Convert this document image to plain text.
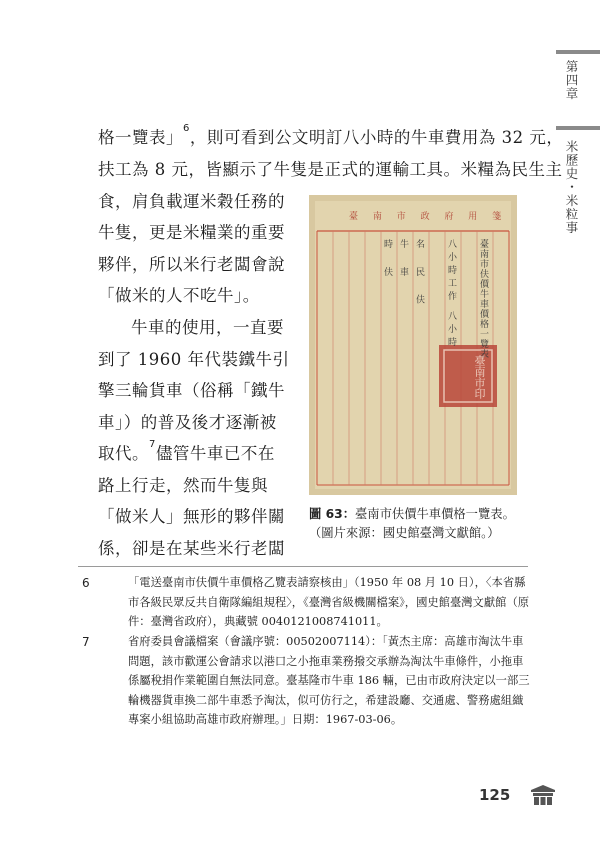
第四章
米歷史・米粒事
格一覽表」$^6$，則可看到公文明訂八小時的牛車費用為 32 元，
扶工為 8 元，皆顯示了牛隻是正式的運輸工具。米糧為民生主
食，肩負載運米穀任務的
牛隻，更是米糧業的重要
夥伴，所以米行老闆會說
「做米的人不吃牛」。
牛車的使用，一直要
到了 1960 年代裝鐵牛引
擎三輪貨車（俗稱「鐵牛
車」）的普及後才逐漸被
取代。$^7$儘管牛車已不在
路上行走，然而牛隻與
「做米人」無形的夥伴關
係，卻是在某些米行老闆
臺 南 市 政 府 用 箋
臺南市伕價牛車價格一覽表
八小時工作 八小時
名 民 伕
牛 車
時 伕
臺南市印
圖 63：臺南市伕價牛車價格一覽表。
（圖片來源：國史館臺灣文獻館。）
6	「電送臺南市伕價牛車價格乙覽表請察核由」（1950 年 08 月 10 日），〈本省縣市各級民眾反共自衛隊編組規程〉，《臺灣省級機關檔案》，國史館臺灣文獻館（原件：臺灣省政府），典藏號 0040121008741011。
7	省府委員會議檔案（會議序號：00502007114）：「黃杰主席：高雄市淘汰牛車問題，該市歡運公會請求以港口之小拖車業務撥交承辦為淘汰牛車條件，小拖車係屬稅捐作業範圍自無法同意。臺基隆市牛車 186 輛，已由市政府決定以一部三輪機器貨車換二部牛車悉予淘汰，似可仿行之，希建設廳、交通處、警務處組織專案小組協助高雄市政府辦理。」日期：1967-03-06。
125
